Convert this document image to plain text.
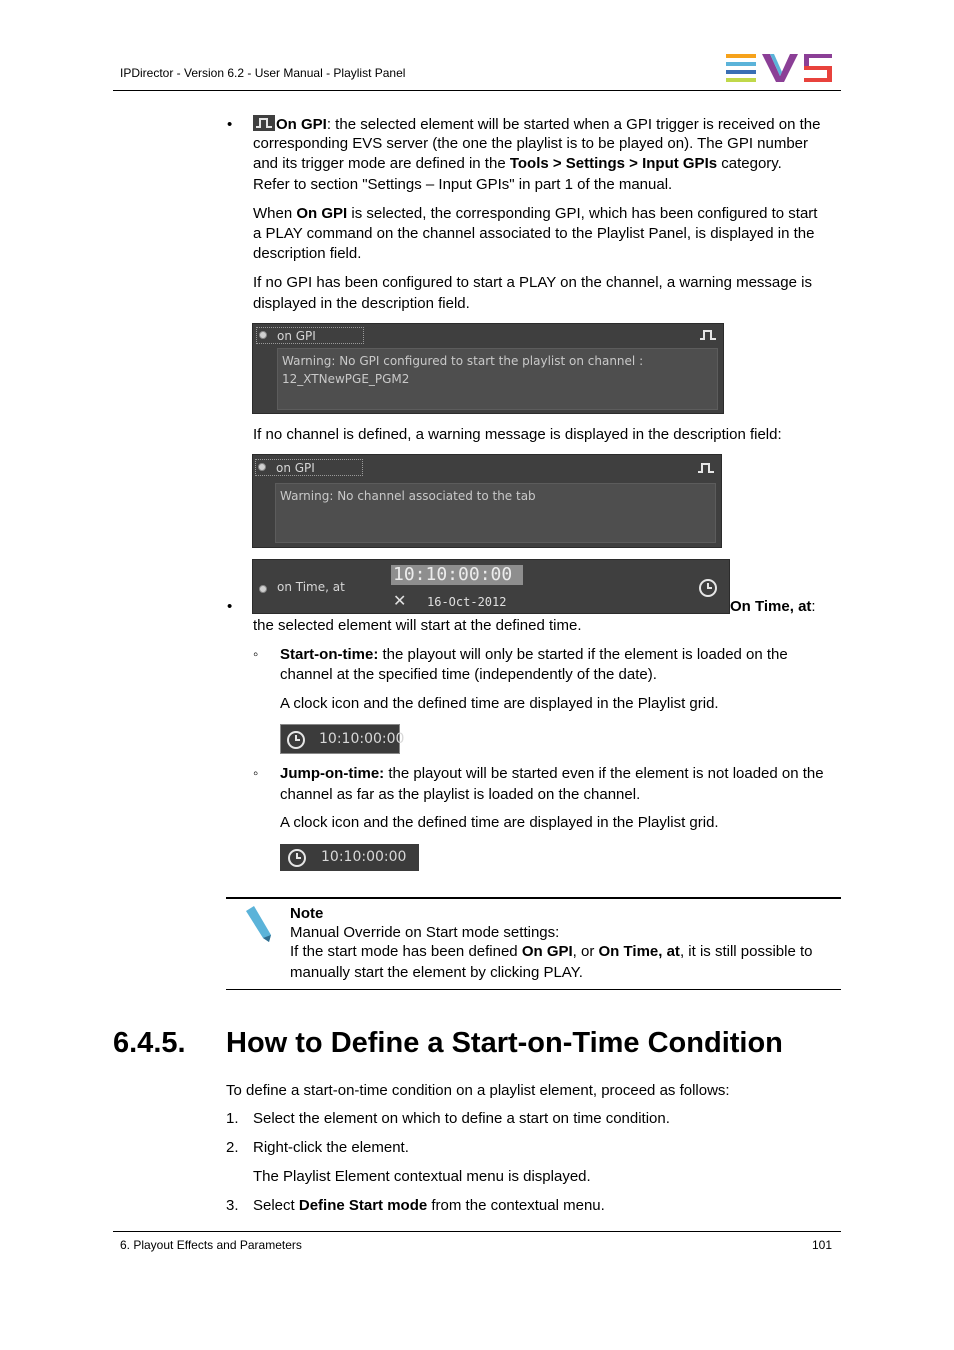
IPDirector - Version 6.2 - User Manual - Playlist Panel
•	On GPI: the selected element will be started when a GPI trigger is received on the
corresponding EVS server (the one the playlist is to be played on). The GPI number
and its trigger mode are defined in the Tools > Settings > Input GPIs category.
Refer to section "Settings – Input GPIs" in part 1 of the manual.
When On GPI is selected, the corresponding GPI, which has been configured to start
a PLAY command on the channel associated to the Playlist Panel, is displayed in the
description field.
If no GPI has been configured to start a PLAY on the channel, a warning message is
displayed in the description field.
on GPI
Warning: No GPI configured to start the playlist on channel :
12_XTNewPGE_PGM2
If no channel is defined, a warning message is displayed in the description field:
on GPI
Warning: No channel associated to the tab
•
on Time, at
10:10:00:00
✕ 16-Oct-2012	On Time, at:
the selected element will start at the defined time.
◦ Start-on-time: the playout will only be started if the element is loaded on the
channel at the specified time (independently of the date).
A clock icon and the defined time are displayed in the Playlist grid.
10:10:00:00
◦ Jump-on-time: the playout will be started even if the element is not loaded on the
channel as far as the playlist is loaded on the channel.
A clock icon and the defined time are displayed in the Playlist grid.
10:10:00:00
Note
Manual Override on Start mode settings:
If the start mode has been defined On GPI, or On Time, at, it is still possible to
manually start the element by clicking PLAY.
6.4.5. How to Define a Start-on-Time Condition
To define a start-on-time condition on a playlist element, proceed as follows:
1. Select the element on which to define a start on time condition.
2. Right-click the element.
The Playlist Element contextual menu is displayed.
3. Select Define Start mode from the contextual menu.
6. Playout Effects and Parameters	101
